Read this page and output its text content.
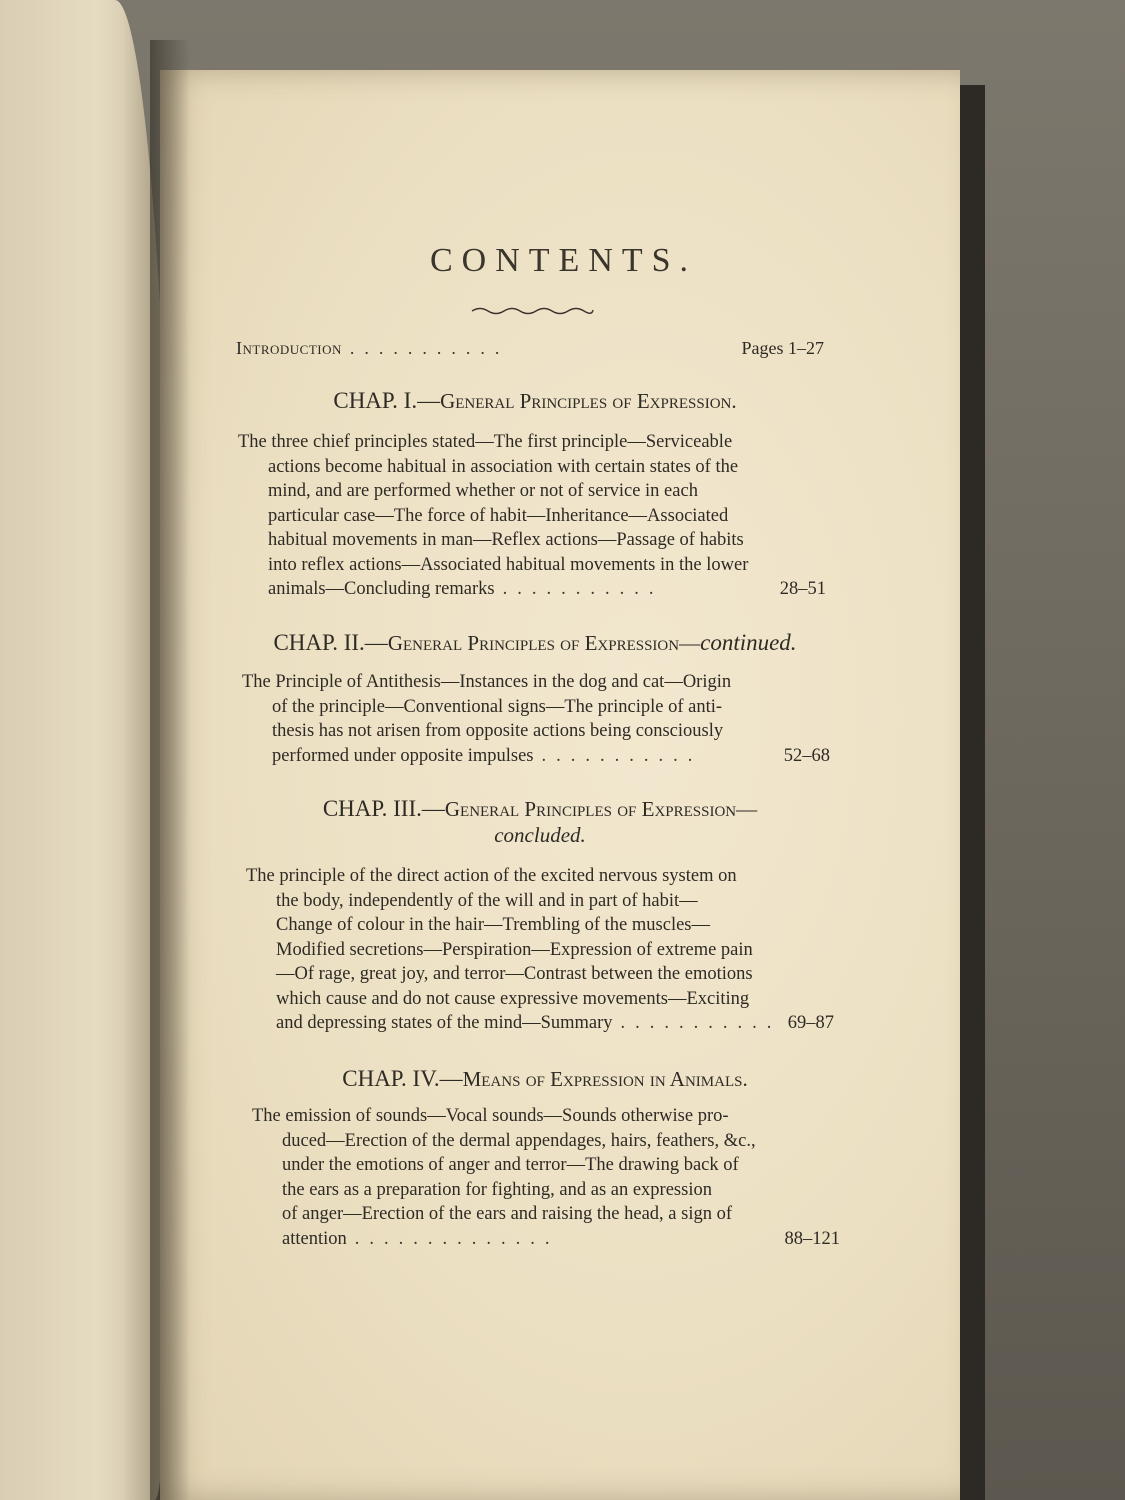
CONTENTS.
Introduction ...........	Pages 1–27
CHAP. I.—General Principles of Expression.
The three chief principles stated—The first principle—Serviceable
actions become habitual in association with certain states of the
mind, and are performed whether or not of service in each
particular case—The force of habit—Inheritance—Associated
habitual movements in man—Reflex actions—Passage of habits
into reflex actions—Associated habitual movements in the lower
animals—Concluding remarks ...........	28–51
CHAP. II.—General Principles of Expression—continued.
The Principle of Antithesis—Instances in the dog and cat—Origin
of the principle—Conventional signs—The principle of anti-
thesis has not arisen from opposite actions being consciously
performed under opposite impulses ...........	52–68
CHAP. III.—General Principles of Expression—
concluded.
The principle of the direct action of the excited nervous system on
the body, independently of the will and in part of habit—
Change of colour in the hair—Trembling of the muscles—
Modified secretions—Perspiration—Expression of extreme pain
—Of rage, great joy, and terror—Contrast between the emotions
which cause and do not cause expressive movements—Exciting
and depressing states of the mind—Summary ........... 69–87
CHAP. IV.—Means of Expression in Animals.
The emission of sounds—Vocal sounds—Sounds otherwise pro-
duced—Erection of the dermal appendages, hairs, feathers, &c.,
under the emotions of anger and terror—The drawing back of
the ears as a preparation for fighting, and as an expression
of anger—Erection of the ears and raising the head, a sign of
attention ..............	88–121
